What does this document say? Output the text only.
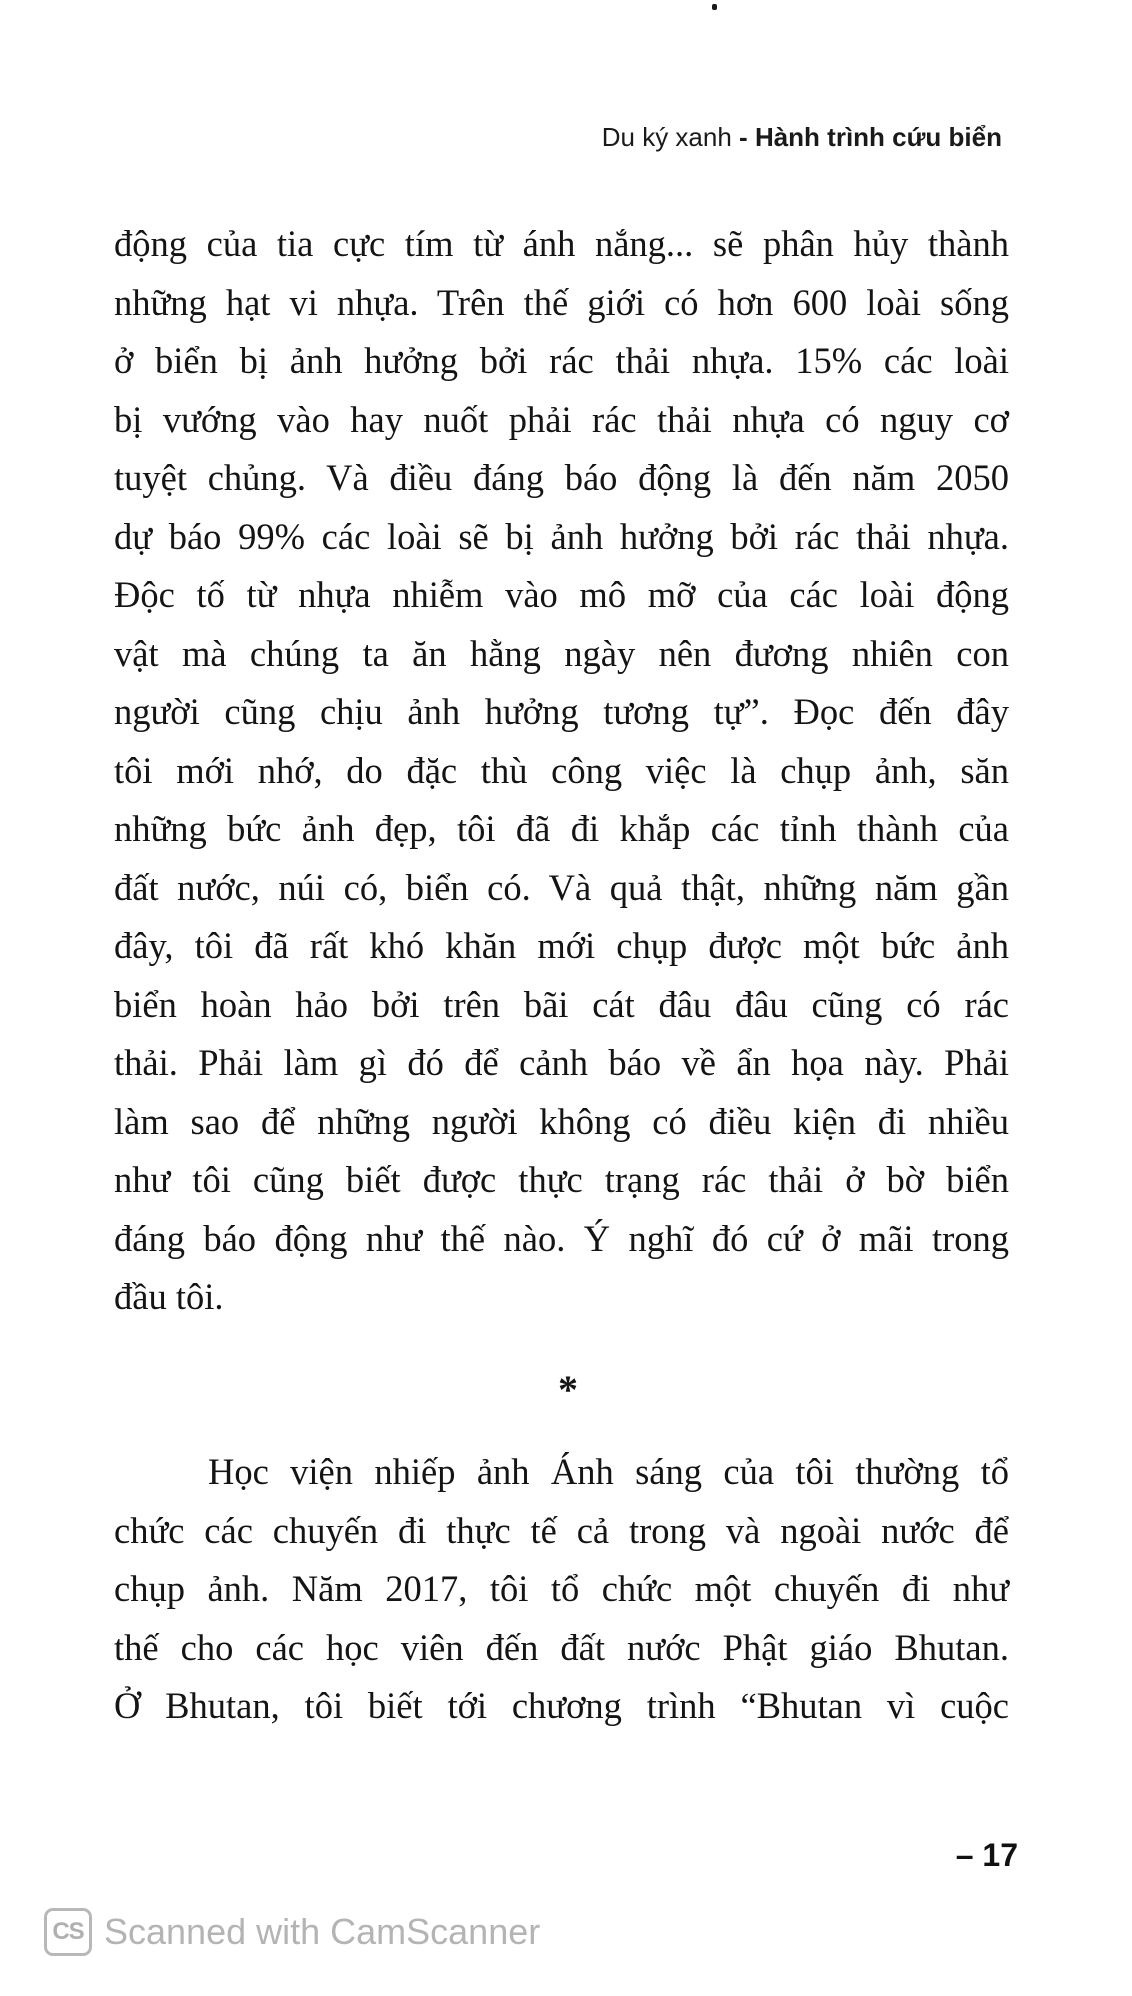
Du ký xanh - Hành trình cứu biển
động của tia cực tím từ ánh nắng... sẽ phân hủy thành
những hạt vi nhựa. Trên thế giới có hơn 600 loài sống
ở biển bị ảnh hưởng bởi rác thải nhựa. 15% các loài
bị vướng vào hay nuốt phải rác thải nhựa có nguy cơ
tuyệt chủng. Và điều đáng báo động là đến năm 2050
dự báo 99% các loài sẽ bị ảnh hưởng bởi rác thải nhựa.
Độc tố từ nhựa nhiễm vào mô mỡ của các loài động
vật mà chúng ta ăn hằng ngày nên đương nhiên con
người cũng chịu ảnh hưởng tương tự”. Đọc đến đây
tôi mới nhớ, do đặc thù công việc là chụp ảnh, săn
những bức ảnh đẹp, tôi đã đi khắp các tỉnh thành của
đất nước, núi có, biển có. Và quả thật, những năm gần
đây, tôi đã rất khó khăn mới chụp được một bức ảnh
biển hoàn hảo bởi trên bãi cát đâu đâu cũng có rác
thải. Phải làm gì đó để cảnh báo về ẩn họa này. Phải
làm sao để những người không có điều kiện đi nhiều
như tôi cũng biết được thực trạng rác thải ở bờ biển
đáng báo động như thế nào. Ý nghĩ đó cứ ở mãi trong
đầu tôi.
*
Học viện nhiếp ảnh Ánh sáng của tôi thường tổ
chức các chuyến đi thực tế cả trong và ngoài nước để
chụp ảnh. Năm 2017, tôi tổ chức một chuyến đi như
thế cho các học viên đến đất nước Phật giáo Bhutan.
Ở Bhutan, tôi biết tới chương trình “Bhutan vì cuộc
– 17
CS Scanned with CamScanner
